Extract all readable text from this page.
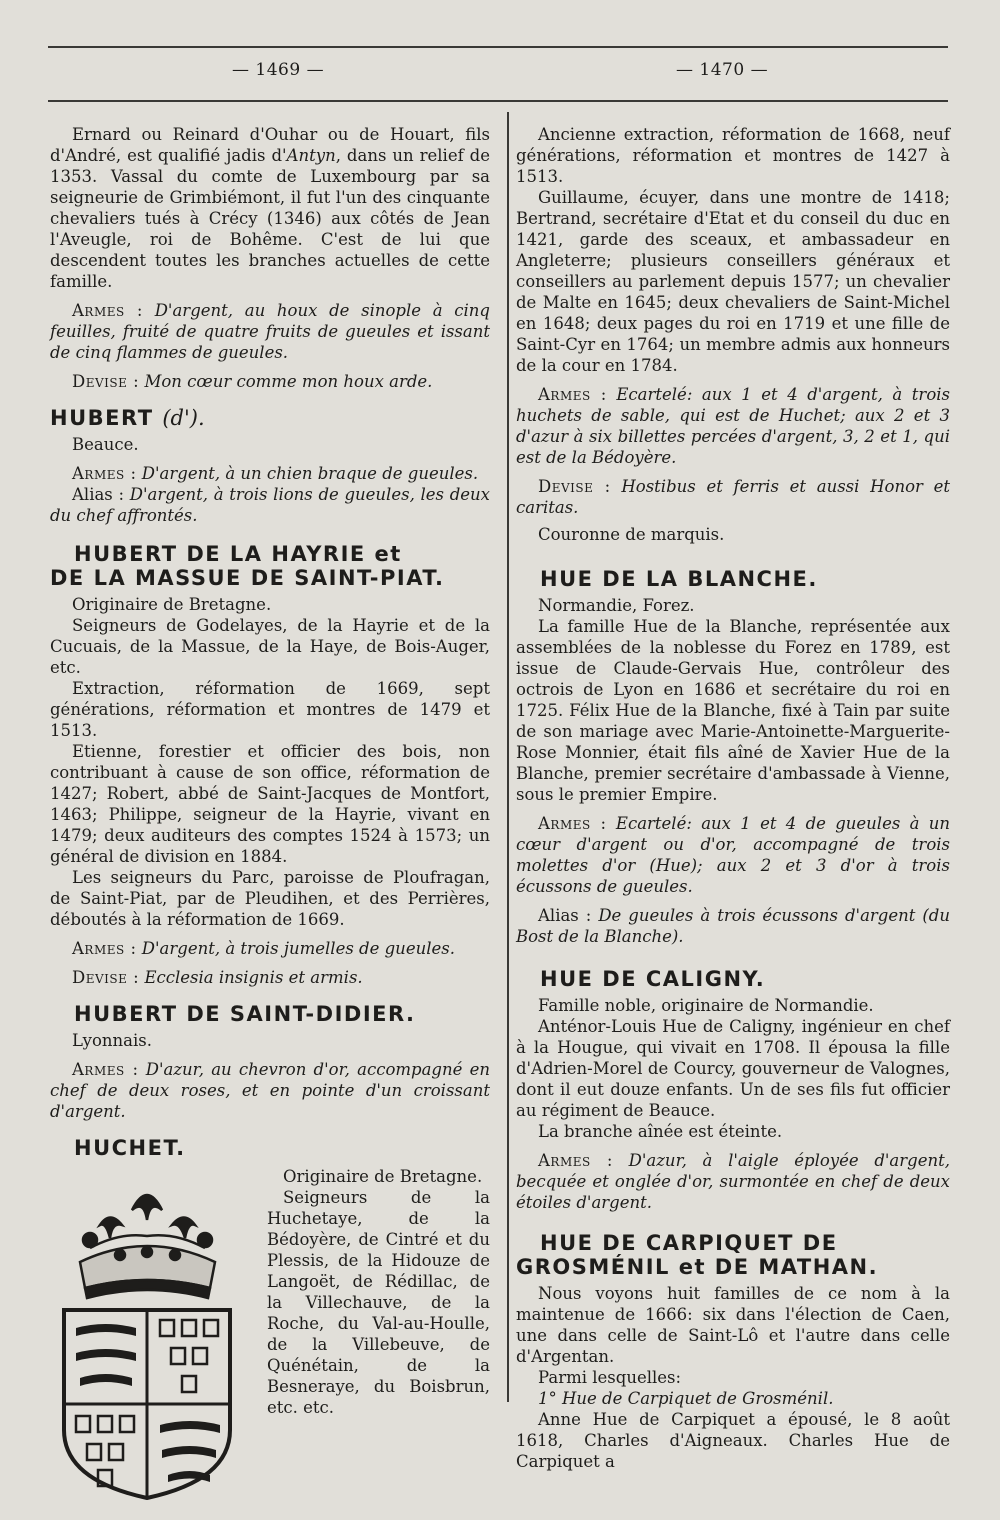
— 1469 —	— 1470 —

Ernard ou Reinard d'Ouhar ou de Houart, fils d'André, est qualifié jadis d'Antyn, dans un relief de 1353. Vassal du comte de Luxembourg par sa seigneurie de Grimbiémont, il fut l'un des cinquante chevaliers tués à Crécy (1346) aux côtés de Jean l'Aveugle, roi de Bohême. C'est de lui que descendent toutes les branches actuelles de cette famille.

Armes : D'argent, au houx de sinople à cinq feuilles, fruité de quatre fruits de gueules et issant de cinq flammes de gueules.

Devise : Mon cœur comme mon houx arde.

HUBERT (d').

Beauce.

Armes : D'argent, à un chien braque de gueules.

Alias : D'argent, à trois lions de gueules, les deux du chef affrontés.

HUBERT DE LA HAYRIE et
DE LA MASSUE DE SAINT-PIAT.

Originaire de Bretagne.

Seigneurs de Godelayes, de la Hayrie et de la Cucuais, de la Massue, de la Haye, de Bois-Auger, etc.

Extraction, réformation de 1669, sept générations, réformation et montres de 1479 et 1513.

Etienne, forestier et officier des bois, non contribuant à cause de son office, réformation de 1427; Robert, abbé de Saint-Jacques de Montfort, 1463; Philippe, seigneur de la Hayrie, vivant en 1479; deux auditeurs des comptes 1524 à 1573; un général de division en 1884.

Les seigneurs du Parc, paroisse de Ploufragan, de Saint-Piat, par de Pleudihen, et des Perrières, déboutés à la réformation de 1669.

Armes : D'argent, à trois jumelles de gueules.

Devise : Ecclesia insignis et armis.

HUBERT DE SAINT-DIDIER.

Lyonnais.

Armes : D'azur, au chevron d'or, accompagné en chef de deux roses, et en pointe d'un croissant d'argent.

HUCHET.

Originaire de Bretagne.

Seigneurs de la Huchetaye, de la Bédoyère, de Cintré et du Plessis, de la Hidouze de Langoët, de Rédillac, de la Villechauve, de la Roche, du Val-au-Houlle, de la Villebeuve, de Quénétain, de la Besneraye, du Boisbrun, etc. etc.

Ancienne extraction, réformation de 1668, neuf générations, réformation et montres de 1427 à 1513.

Guillaume, écuyer, dans une montre de 1418; Bertrand, secrétaire d'Etat et du conseil du duc en 1421, garde des sceaux, et ambassadeur en Angleterre; plusieurs conseillers généraux et conseillers au parlement depuis 1577; un chevalier de Malte en 1645; deux chevaliers de Saint-Michel en 1648; deux pages du roi en 1719 et une fille de Saint-Cyr en 1764; un membre admis aux honneurs de la cour en 1784.

Armes : Ecartelé: aux 1 et 4 d'argent, à trois huchets de sable, qui est de Huchet; aux 2 et 3 d'azur à six billettes percées d'argent, 3, 2 et 1, qui est de la Bédoyère.

Devise : Hostibus et ferris et aussi Honor et caritas.

Couronne de marquis.

HUE DE LA BLANCHE.

Normandie, Forez.

La famille Hue de la Blanche, représentée aux assemblées de la noblesse du Forez en 1789, est issue de Claude-Gervais Hue, contrôleur des octrois de Lyon en 1686 et secrétaire du roi en 1725. Félix Hue de la Blanche, fixé à Tain par suite de son mariage avec Marie-Antoinette-Marguerite-Rose Monnier, était fils aîné de Xavier Hue de la Blanche, premier secrétaire d'ambassade à Vienne, sous le premier Empire.

Armes : Ecartelé: aux 1 et 4 de gueules à un cœur d'argent ou d'or, accompagné de trois molettes d'or (Hue); aux 2 et 3 d'or à trois écussons de gueules.

Alias : De gueules à trois écussons d'argent (du Bost de la Blanche).

HUE DE CALIGNY.

Famille noble, originaire de Normandie.

Anténor-Louis Hue de Caligny, ingénieur en chef à la Hougue, qui vivait en 1708. Il épousa la fille d'Adrien-Morel de Courcy, gouverneur de Valognes, dont il eut douze enfants. Un de ses fils fut officier au régiment de Beauce.

La branche aînée est éteinte.

Armes : D'azur, à l'aigle éployée d'argent, becquée et onglée d'or, surmontée en chef de deux étoiles d'argent.

HUE DE CARPIQUET DE
GROSMÉNIL et DE MATHAN.

Nous voyons huit familles de ce nom à la maintenue de 1666: six dans l'élection de Caen, une dans celle de Saint-Lô et l'autre dans celle d'Argentan.

Parmi lesquelles:

1° Hue de Carpiquet de Grosménil.

Anne Hue de Carpiquet a épousé, le 8 août 1618, Charles d'Aigneaux. Charles Hue de Carpiquet a
